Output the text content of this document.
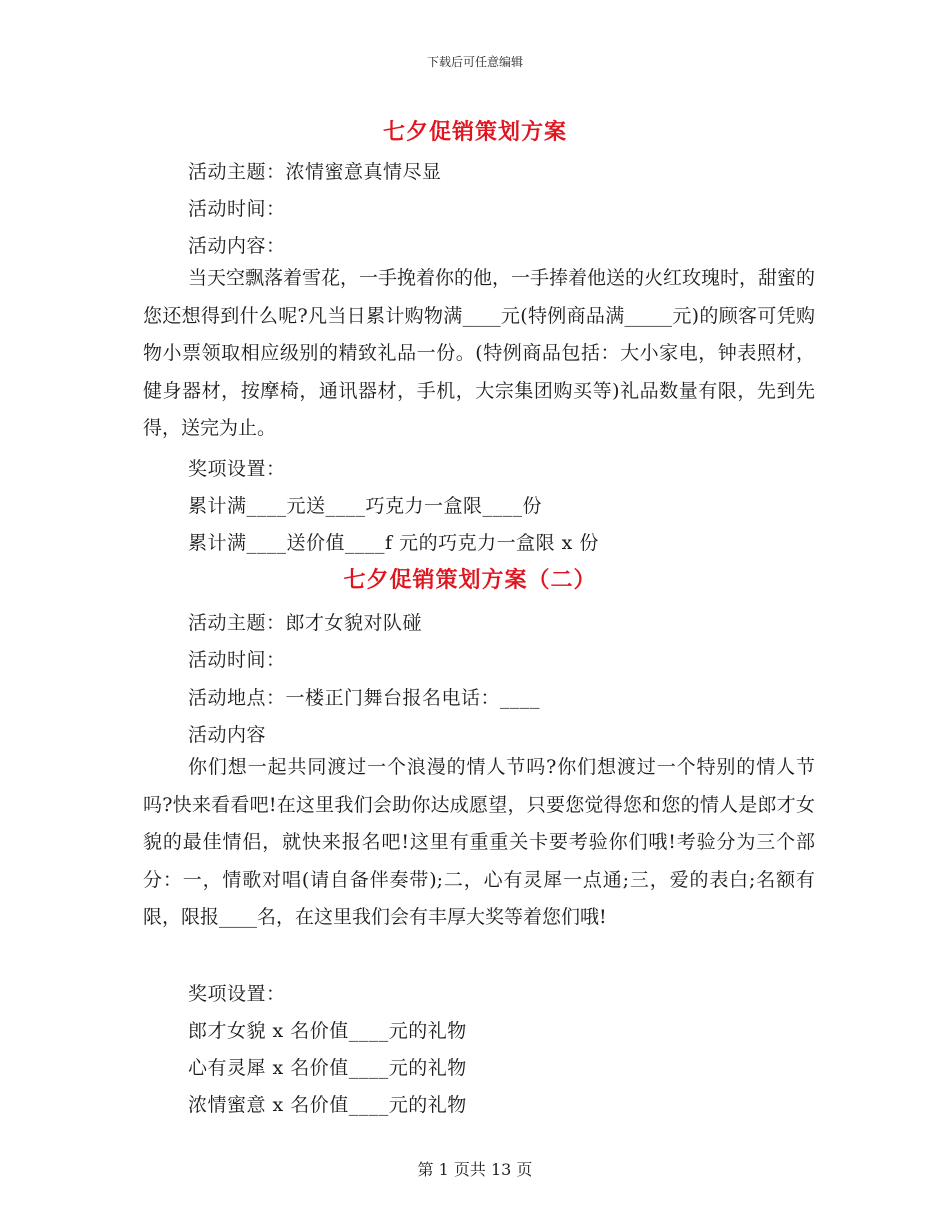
下载后可任意编辑
七夕促销策划方案
活动主题：浓情蜜意真情尽显
活动时间：
活动内容：
当天空飘落着雪花，一手挽着你的他，一手捧着他送的火红玫瑰时，甜蜜的您还想得到什么呢?凡当日累计购物满____元(特例商品满_____元)的顾客可凭购物小票领取相应级别的精致礼品一份。(特例商品包括：大小家电，钟表照材，健身器材，按摩椅，通讯器材，手机，大宗集团购买等)礼品数量有限，先到先得，送完为止。
奖项设置：
累计满____元送____巧克力一盒限____份
累计满____送价值____f 元的巧克力一盒限 x 份
七夕促销策划方案（二）
活动主题：郎才女貌对队碰
活动时间：
活动地点：一楼正门舞台报名电话：____
活动内容
你们想一起共同渡过一个浪漫的情人节吗?你们想渡过一个特别的情人节吗?快来看看吧!在这里我们会助你达成愿望，只要您觉得您和您的情人是郎才女貌的最佳情侣，就快来报名吧!这里有重重关卡要考验你们哦!考验分为三个部分：一，情歌对唱(请自备伴奏带);二，心有灵犀一点通;三，爱的表白;名额有限，限报____名，在这里我们会有丰厚大奖等着您们哦!
奖项设置：
郎才女貌 x 名价值____元的礼物
心有灵犀 x 名价值____元的礼物
浓情蜜意 x 名价值____元的礼物
第 1 页共 13 页
